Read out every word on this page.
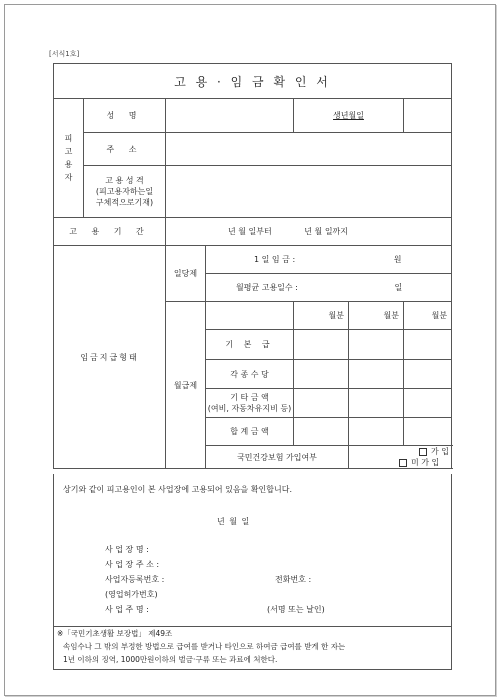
[서식1호]
고 용 · 임 금 확 인 서						
피고용자	성 명			생년월일		
	주 소					

	고 용 성 격
(피고용자하는일
구체적으로기재)					

고 용 기 간		년 월 일부터 년 월 일까지				
임금지급형태		일당제	1 일 임 금 : 원			
			월평균 고용일수 : 일			
		월급제		월분	월분	월분
			기 본 급			
			각 종 수 당			

			기 타 금 액
(여비, 자동차유지비 등)			

			합 계 금 액			
			국민건강보험 가입여부		가 입 미 가 입	
상기와 같이 피고용인이 본 사업장에 고용되어 있음을 확인합니다.
년 월 일
사 업 장 명 :
사 업 장 주 소 :
사업자등록번호 :	전화번호 :
(영업허가번호)
사 업 주 명 :	(서명 또는 날인)
※「국민기초생활 보장법」 제49조
속임수나 그 밖의 부정한 방법으로 급여를 받거나 타인으로 하여금 급여를 받게 한 자는
1년 이하의 징역, 1000만원이하의 벌금·구류 또는 과료에 처한다.
